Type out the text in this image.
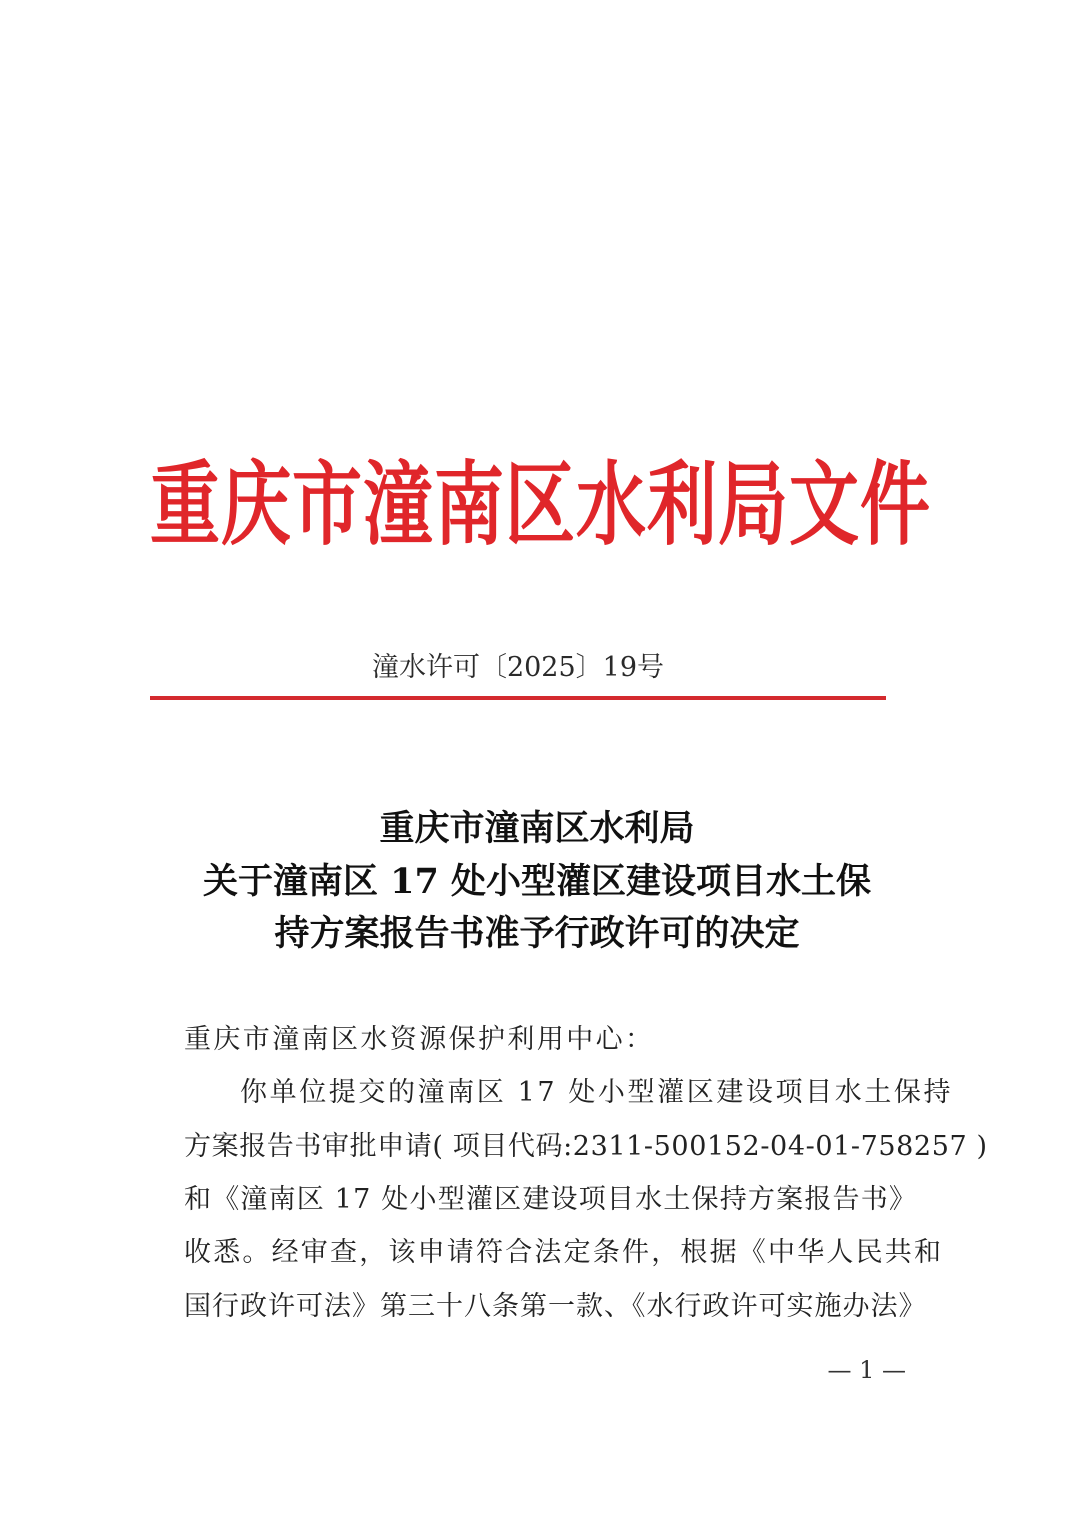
重庆市潼南区水利局文件
潼水许可〔2025〕19号
重庆市潼南区水利局
关于潼南区 17 处小型灌区建设项目水土保
持方案报告书准予行政许可的决定

重庆市潼南区水资源保护利用中心：

你单位提交的潼南区 17 处小型灌区建设项目水土保持

方案报告书审批申请( 项目代码:2311-500152-04-01-758257 )

和《潼南区 17 处小型灌区建设项目水土保持方案报告书》

收悉。经审查，该申请符合法定条件，根据《中华人民共和

国行政许可法》第三十八条第一款、《水行政许可实施办法》

— 1 —
